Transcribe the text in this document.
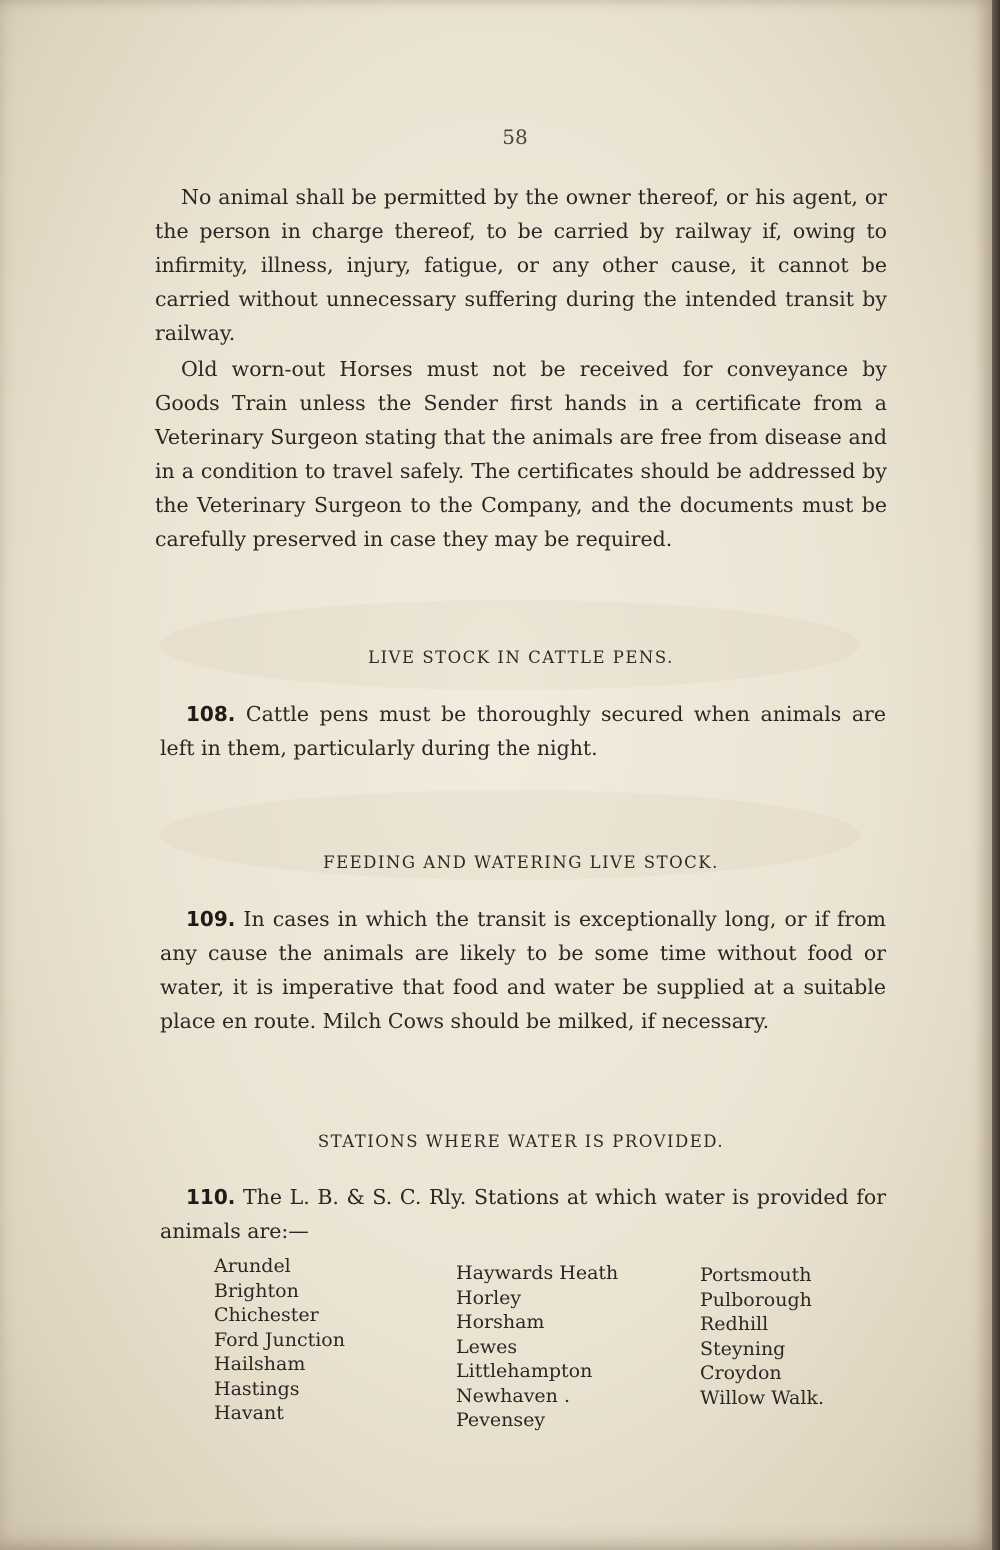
58

No animal shall be permitted by the owner thereof, or his agent, or the person in charge thereof, to be carried by railway if, owing to infirmity, illness, injury, fatigue, or any other cause, it cannot be carried without unnecessary suffering during the intended transit by railway.

Old worn-out Horses must not be received for conveyance by Goods Train unless the Sender first hands in a certificate from a Veterinary Surgeon stating that the animals are free from disease and in a condition to travel safely. The certificates should be addressed by the Veterinary Surgeon to the Company, and the documents must be carefully preserved in case they may be required.

LIVE STOCK IN CATTLE PENS.

108. Cattle pens must be thoroughly secured when animals are left in them, particularly during the night.

FEEDING AND WATERING LIVE STOCK.

109. In cases in which the transit is exceptionally long, or if from any cause the animals are likely to be some time without food or water, it is imperative that food and water be supplied at a suitable place en route. Milch Cows should be milked, if necessary.

STATIONS WHERE WATER IS PROVIDED.

110. The L. B. & S. C. Rly. Stations at which water is provided for animals are:—

Arundel
Brighton
Chichester
Ford Junction
Hailsham
Hastings
Havant
Haywards Heath
Horley
Horsham
Lewes
Littlehampton
Newhaven .
Pevensey
Portsmouth
Pulborough
Redhill
Steyning
Croydon
Willow Walk.
